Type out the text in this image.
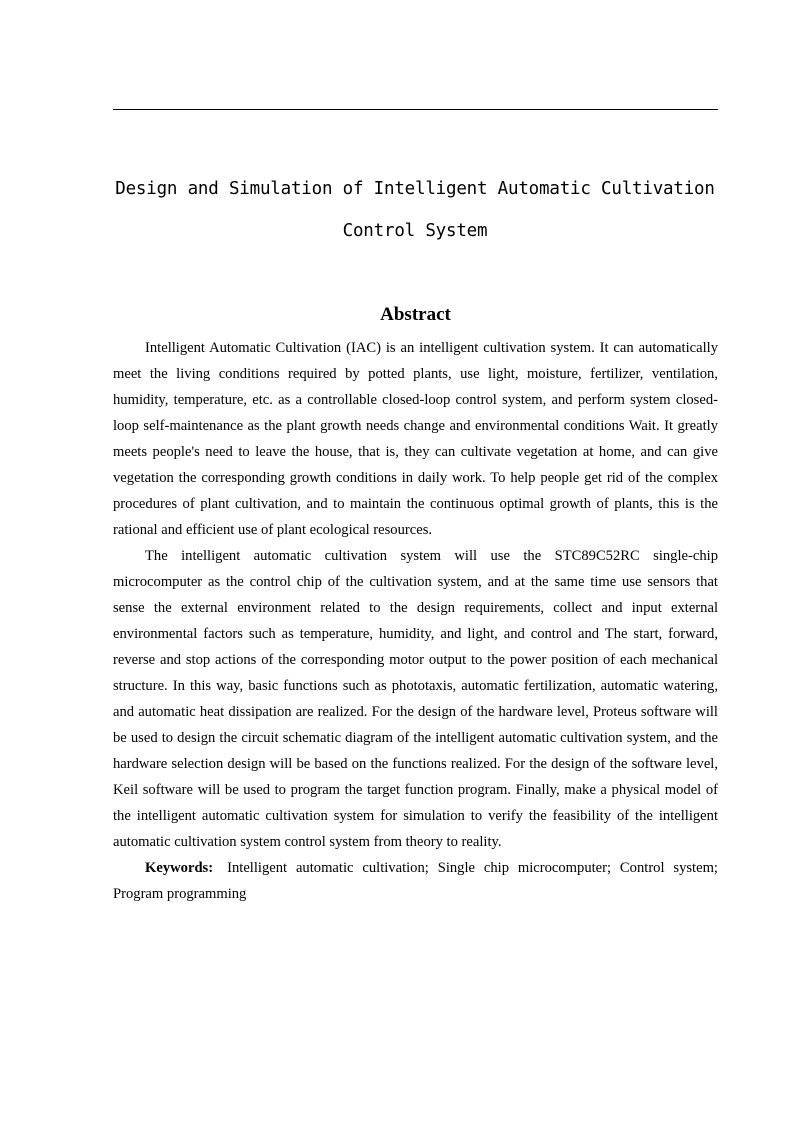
Design and Simulation of Intelligent Automatic Cultivation
Control System
Abstract

Intelligent Automatic Cultivation (IAC) is an intelligent cultivation system. It can automatically meet the living conditions required by potted plants, use light, moisture, fertilizer, ventilation, humidity, temperature, etc. as a controllable closed-loop control system, and perform system closed-loop self-maintenance as the plant growth needs change and environmental conditions Wait. It greatly meets people's need to leave the house, that is, they can cultivate vegetation at home, and can give vegetation the corresponding growth conditions in daily work. To help people get rid of the complex procedures of plant cultivation, and to maintain the continuous optimal growth of plants, this is the rational and efficient use of plant ecological resources.

The intelligent automatic cultivation system will use the STC89C52RC single-chip microcomputer as the control chip of the cultivation system, and at the same time use sensors that sense the external environment related to the design requirements, collect and input external environmental factors such as temperature, humidity, and light, and control and The start, forward, reverse and stop actions of the corresponding motor output to the power position of each mechanical structure. In this way, basic functions such as phototaxis, automatic fertilization, automatic watering, and automatic heat dissipation are realized. For the design of the hardware level, Proteus software will be used to design the circuit schematic diagram of the intelligent automatic cultivation system, and the hardware selection design will be based on the functions realized. For the design of the software level, Keil software will be used to program the target function program. Finally, make a physical model of the intelligent automatic cultivation system for simulation to verify the feasibility of the intelligent automatic cultivation system control system from theory to reality.

Keywords: Intelligent automatic cultivation; Single chip microcomputer; Control system; Program programming
